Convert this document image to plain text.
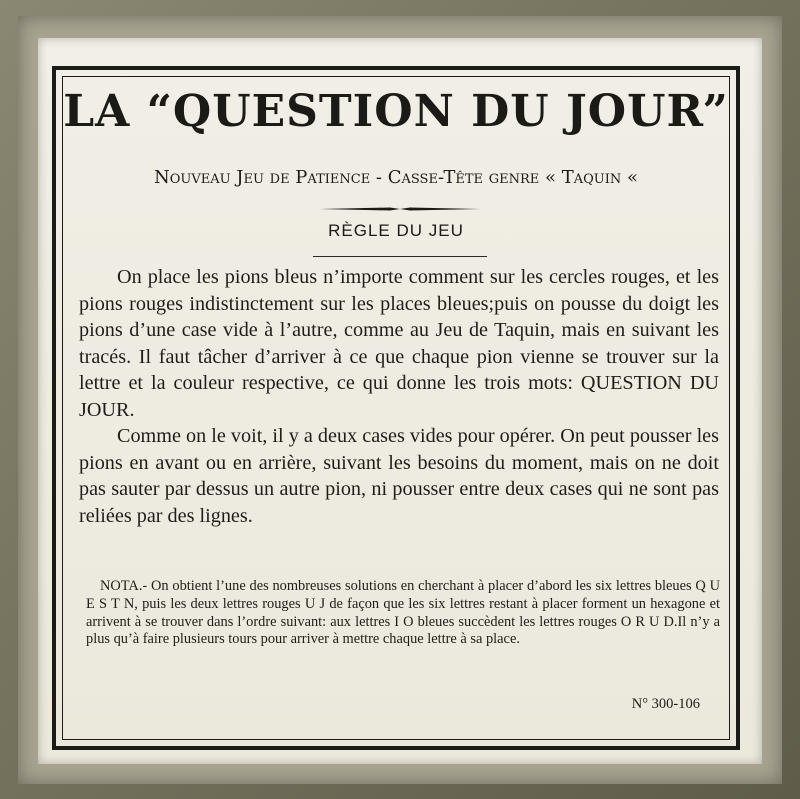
LA “QUESTION DU JOUR”
Nouveau Jeu de Patience - Casse-Tête genre « Taquin «
RÈGLE DU JEU

On place les pions bleus n’importe comment sur les cercles rouges, et les pions rouges indistinctement sur les places bleues;puis on pousse du doigt les pions d’une case vide à l’autre, comme au Jeu de Taquin, mais en suivant les tracés. Il faut tâcher d’arriver à ce que chaque pion vienne se trouver sur la lettre et la couleur respective, ce qui donne les trois mots: QUESTION DU JOUR.

Comme on le voit, il y a deux cases vides pour opérer. On peut pousser les pions en avant ou en arrière, suivant les besoins du moment, mais on ne doit pas sauter par dessus un autre pion, ni pousser entre deux cases qui ne sont pas reliées par des lignes.

NOTA.- On obtient l’une des nombreuses solutions en cherchant à placer d’abord les six lettres bleues Q U E S T N, puis les deux lettres rouges U J de façon que les six lettres restant à placer forment un hexagone et arrivent à se trouver dans l’ordre suivant: aux lettres I O bleues succèdent les lettres rouges O R U D.Il n’y a plus qu’à faire plusieurs tours pour arriver à mettre chaque lettre à sa place.

N° 300-106
